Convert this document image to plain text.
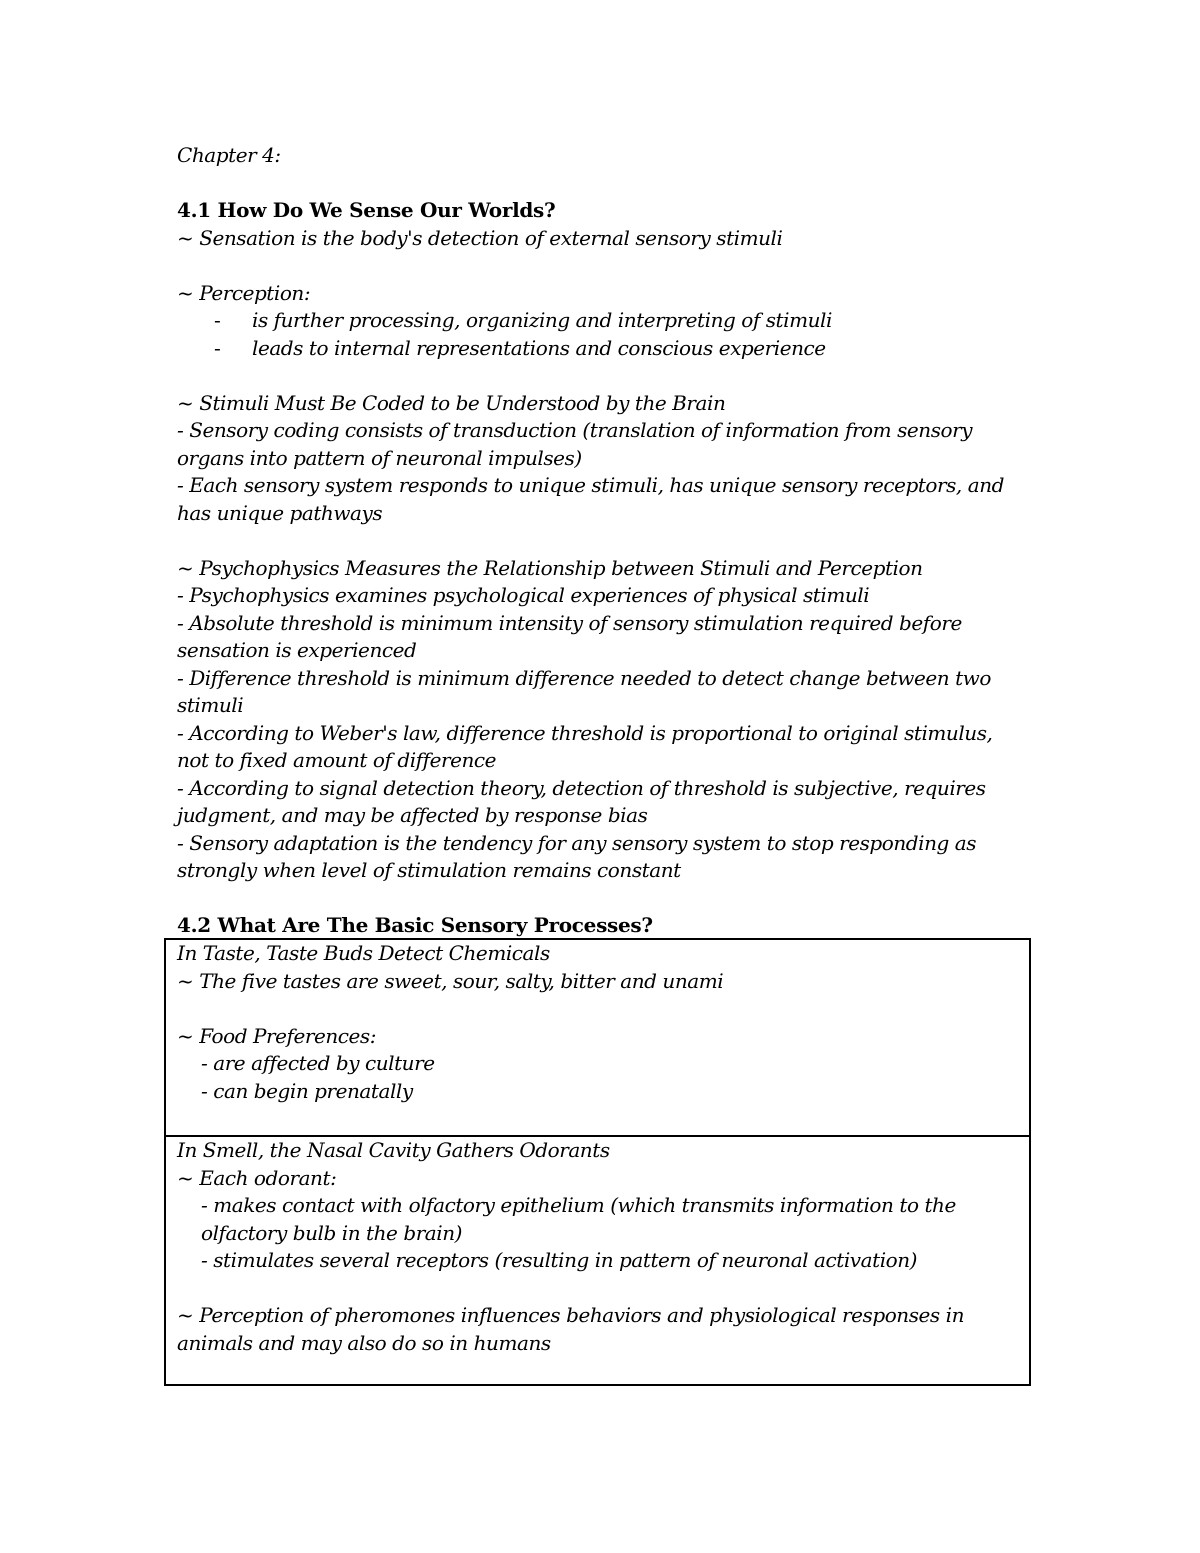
Chapter 4:
4.1 How Do We Sense Our Worlds?
~ Sensation is the body's detection of external sensory stimuli
~ Perception:
-	is further processing, organizing and interpreting of stimuli
-	leads to internal representations and conscious experience
~ Stimuli Must Be Coded to be Understood by the Brain
- Sensory coding consists of transduction (translation of information from sensory
organs into pattern of neuronal impulses)
- Each sensory system responds to unique stimuli, has unique sensory receptors, and
has unique pathways
~ Psychophysics Measures the Relationship between Stimuli and Perception
- Psychophysics examines psychological experiences of physical stimuli
- Absolute threshold is minimum intensity of sensory stimulation required before
sensation is experienced
- Difference threshold is minimum difference needed to detect change between two
stimuli
- According to Weber's law, difference threshold is proportional to original stimulus,
not to fixed amount of difference
- According to signal detection theory, detection of threshold is subjective, requires
judgment, and may be affected by response bias
- Sensory adaptation is the tendency for any sensory system to stop responding as
strongly when level of stimulation remains constant
4.2 What Are The Basic Sensory Processes?
In Taste, Taste Buds Detect Chemicals
~ The five tastes are sweet, sour, salty, bitter and unami
~ Food Preferences:
- are affected by culture
- can begin prenatally
In Smell, the Nasal Cavity Gathers Odorants
~ Each odorant:
- makes contact with olfactory epithelium (which transmits information to the
olfactory bulb in the brain)
- stimulates several receptors (resulting in pattern of neuronal activation)
~ Perception of pheromones influences behaviors and physiological responses in
animals and may also do so in humans
